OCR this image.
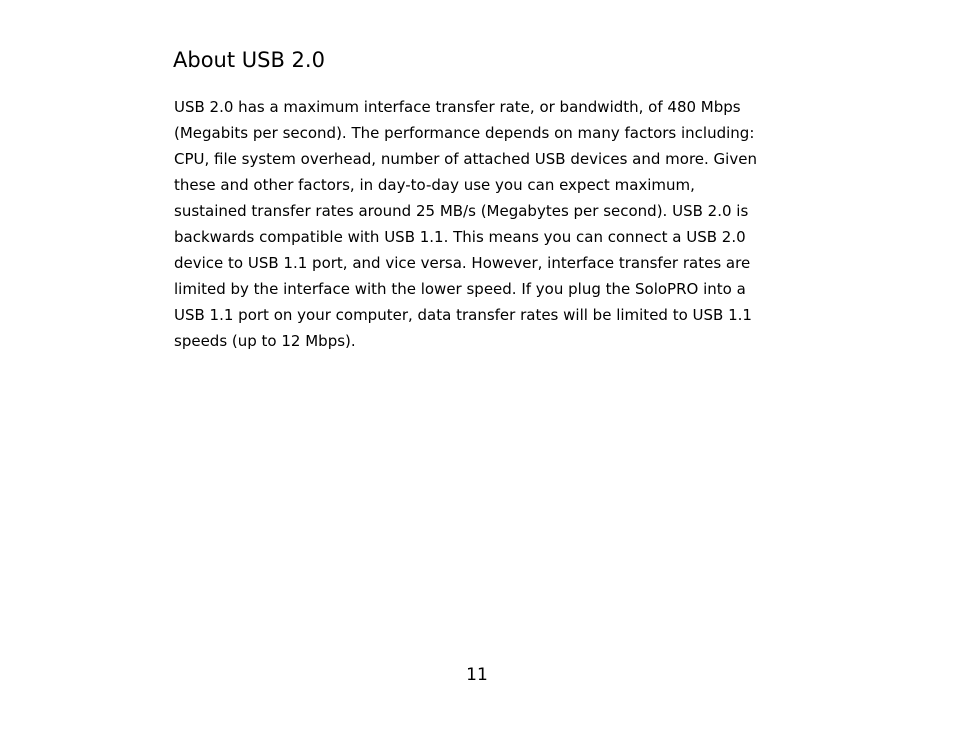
About USB 2.0
USB 2.0 has a maximum interface transfer rate, or bandwidth, of 480 Mbps
(Megabits per second). The performance depends on many factors including:
CPU, file system overhead, number of attached USB devices and more. Given
these and other factors, in day-to-day use you can expect maximum,
sustained transfer rates around 25 MB/s (Megabytes per second). USB 2.0 is
backwards compatible with USB 1.1. This means you can connect a USB 2.0
device to USB 1.1 port, and vice versa. However, interface transfer rates are
limited by the interface with the lower speed. If you plug the SoloPRO into a
USB 1.1 port on your computer, data transfer rates will be limited to USB 1.1
speeds (up to 12 Mbps).
11
